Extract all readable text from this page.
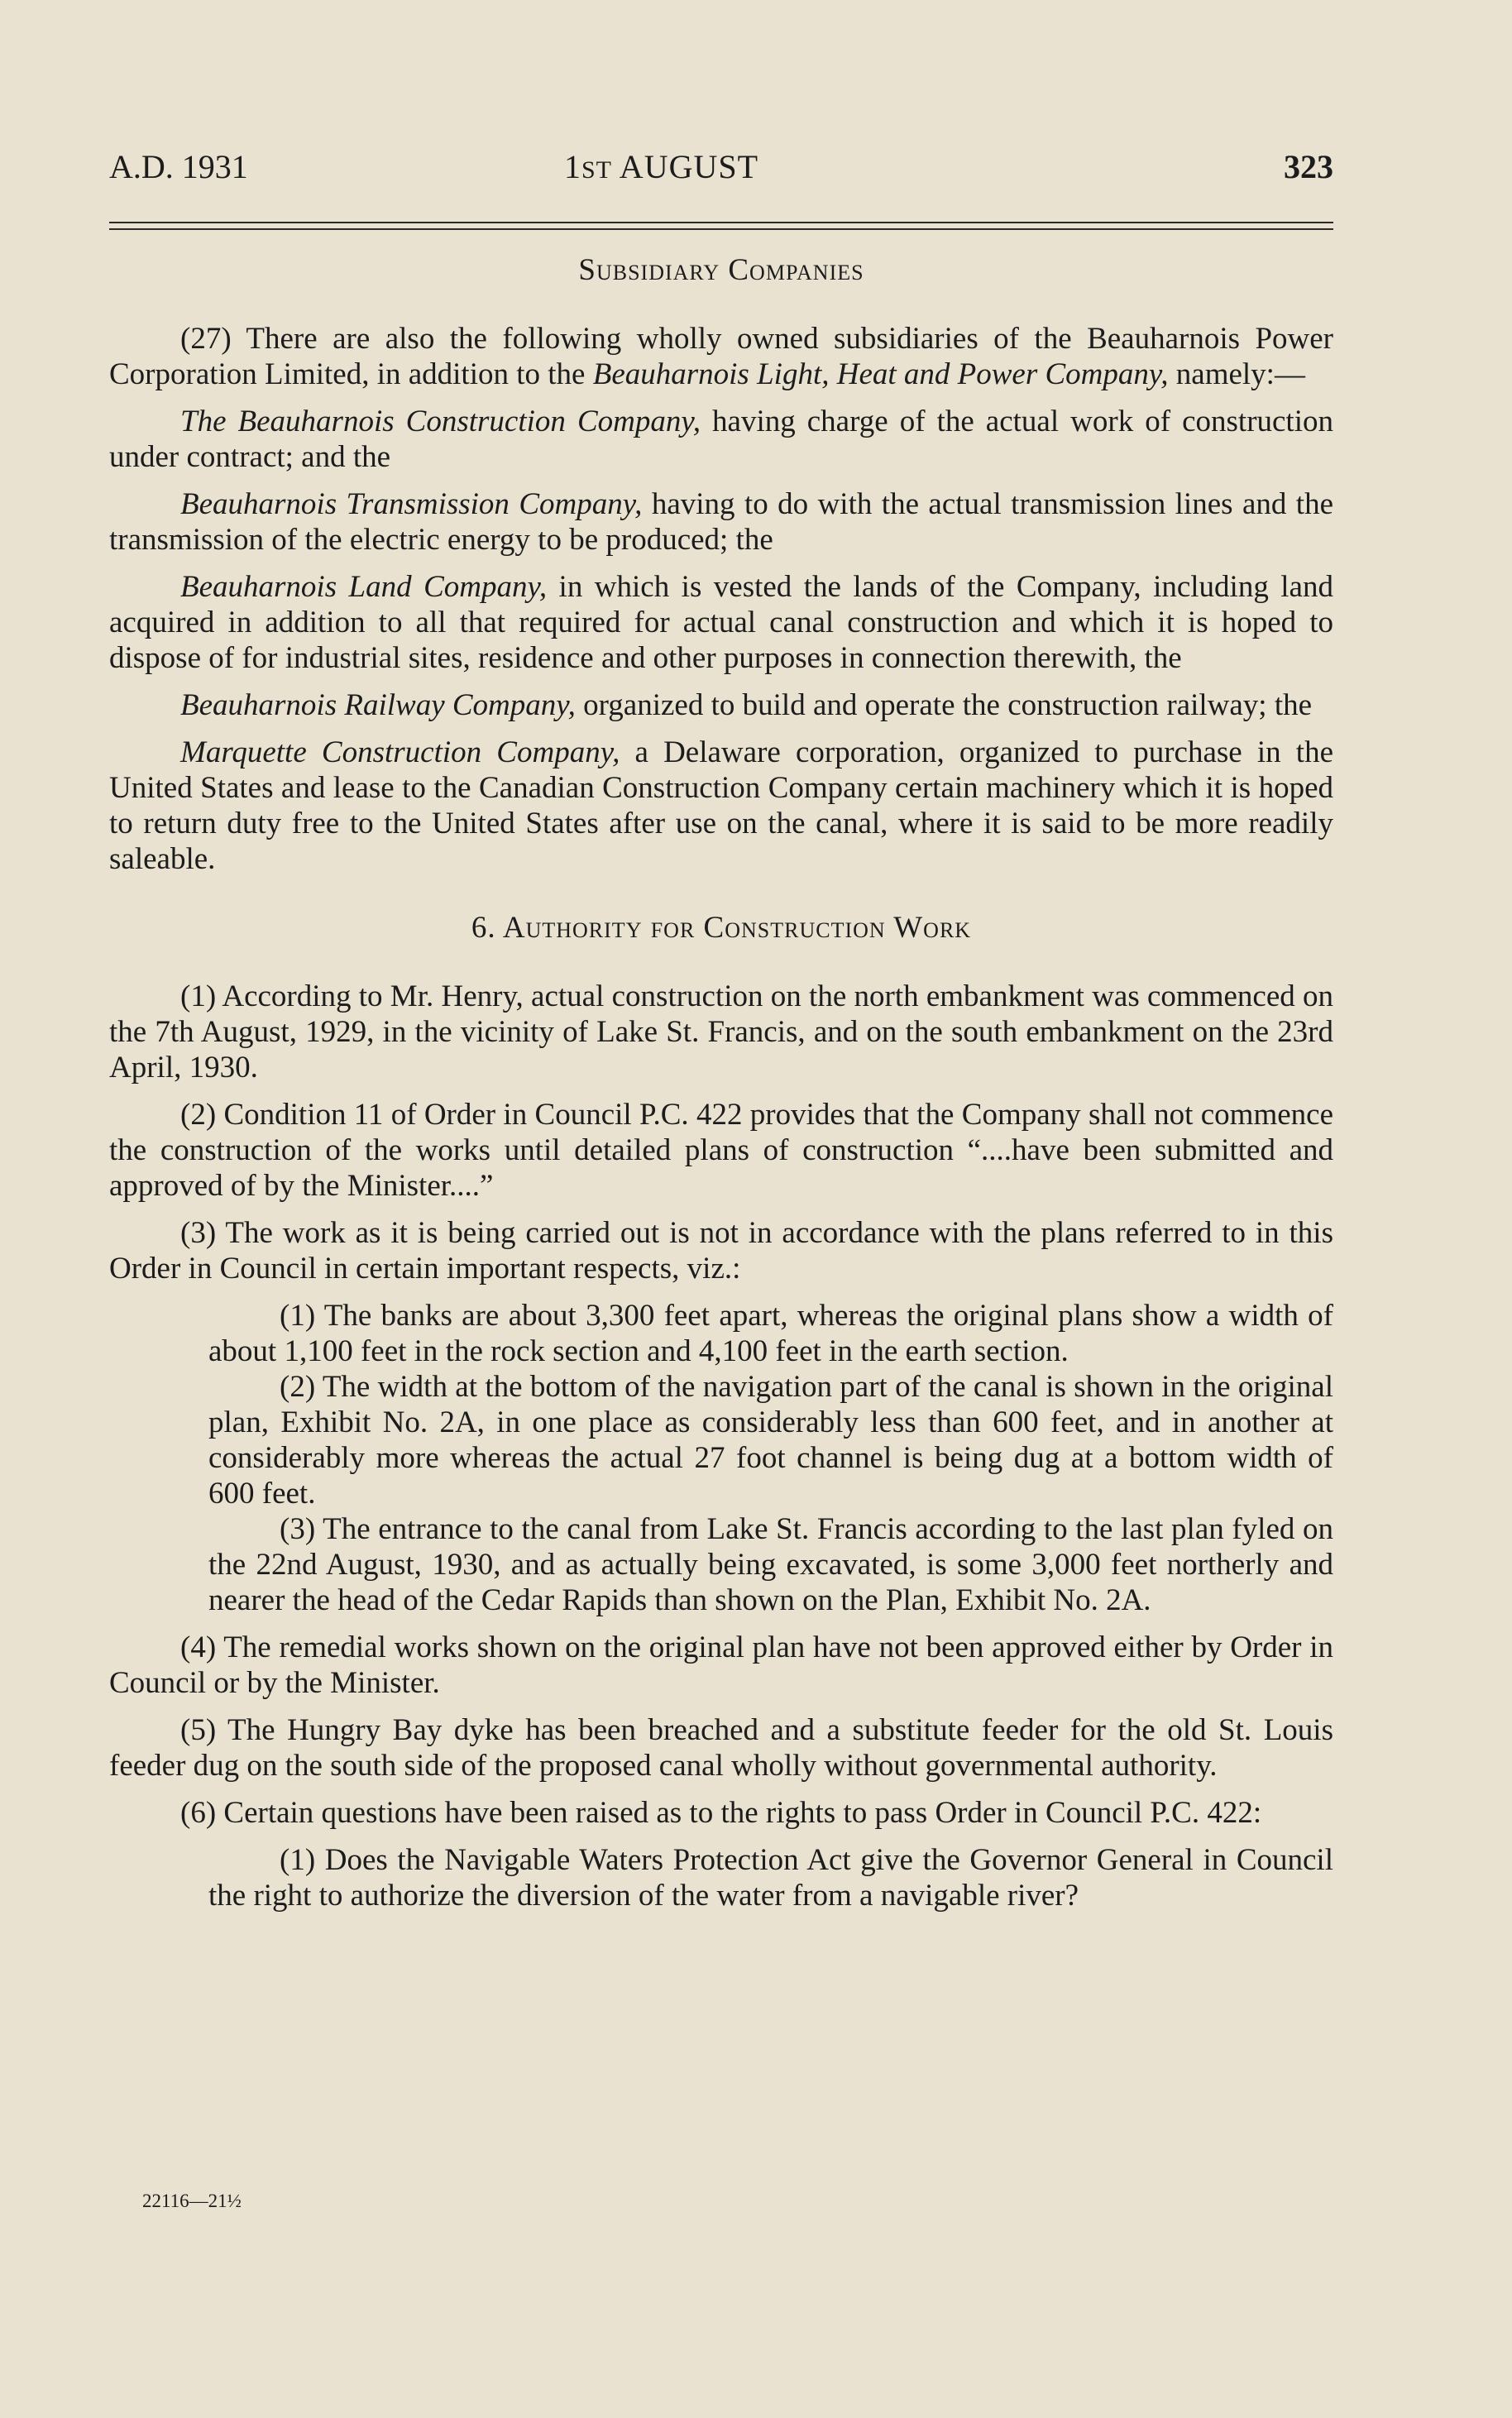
A.D. 1931	1ST AUGUST	323
Subsidiary Companies

(27) There are also the following wholly owned subsidiaries of the Beauharnois Power Corporation Limited, in addition to the Beauharnois Light, Heat and Power Company, namely:—

The Beauharnois Construction Company, having charge of the actual work of construction under contract; and the

Beauharnois Transmission Company, having to do with the actual transmission lines and the transmission of the electric energy to be produced; the

Beauharnois Land Company, in which is vested the lands of the Company, including land acquired in addition to all that required for actual canal construction and which it is hoped to dispose of for industrial sites, residence and other purposes in connection therewith, the

Beauharnois Railway Company, organized to build and operate the construction railway; the

Marquette Construction Company, a Delaware corporation, organized to purchase in the United States and lease to the Canadian Construction Company certain machinery which it is hoped to return duty free to the United States after use on the canal, where it is said to be more readily saleable.

6. Authority for Construction Work

(1) According to Mr. Henry, actual construction on the north embankment was commenced on the 7th August, 1929, in the vicinity of Lake St. Francis, and on the south embankment on the 23rd April, 1930.

(2) Condition 11 of Order in Council P.C. 422 provides that the Company shall not commence the construction of the works until detailed plans of construction “....have been submitted and approved of by the Minister....”

(3) The work as it is being carried out is not in accordance with the plans referred to in this Order in Council in certain important respects, viz.:

(1) The banks are about 3,300 feet apart, whereas the original plans show a width of about 1,100 feet in the rock section and 4,100 feet in the earth section.

(2) The width at the bottom of the navigation part of the canal is shown in the original plan, Exhibit No. 2A, in one place as considerably less than 600 feet, and in another at considerably more whereas the actual 27 foot channel is being dug at a bottom width of 600 feet.

(3) The entrance to the canal from Lake St. Francis according to the last plan fyled on the 22nd August, 1930, and as actually being excavated, is some 3,000 feet northerly and nearer the head of the Cedar Rapids than shown on the Plan, Exhibit No. 2A.

(4) The remedial works shown on the original plan have not been approved either by Order in Council or by the Minister.

(5) The Hungry Bay dyke has been breached and a substitute feeder for the old St. Louis feeder dug on the south side of the proposed canal wholly without governmental authority.

(6) Certain questions have been raised as to the rights to pass Order in Council P.C. 422:

(1) Does the Navigable Waters Protection Act give the Governor General in Council the right to authorize the diversion of the water from a navigable river?

22116—21½
